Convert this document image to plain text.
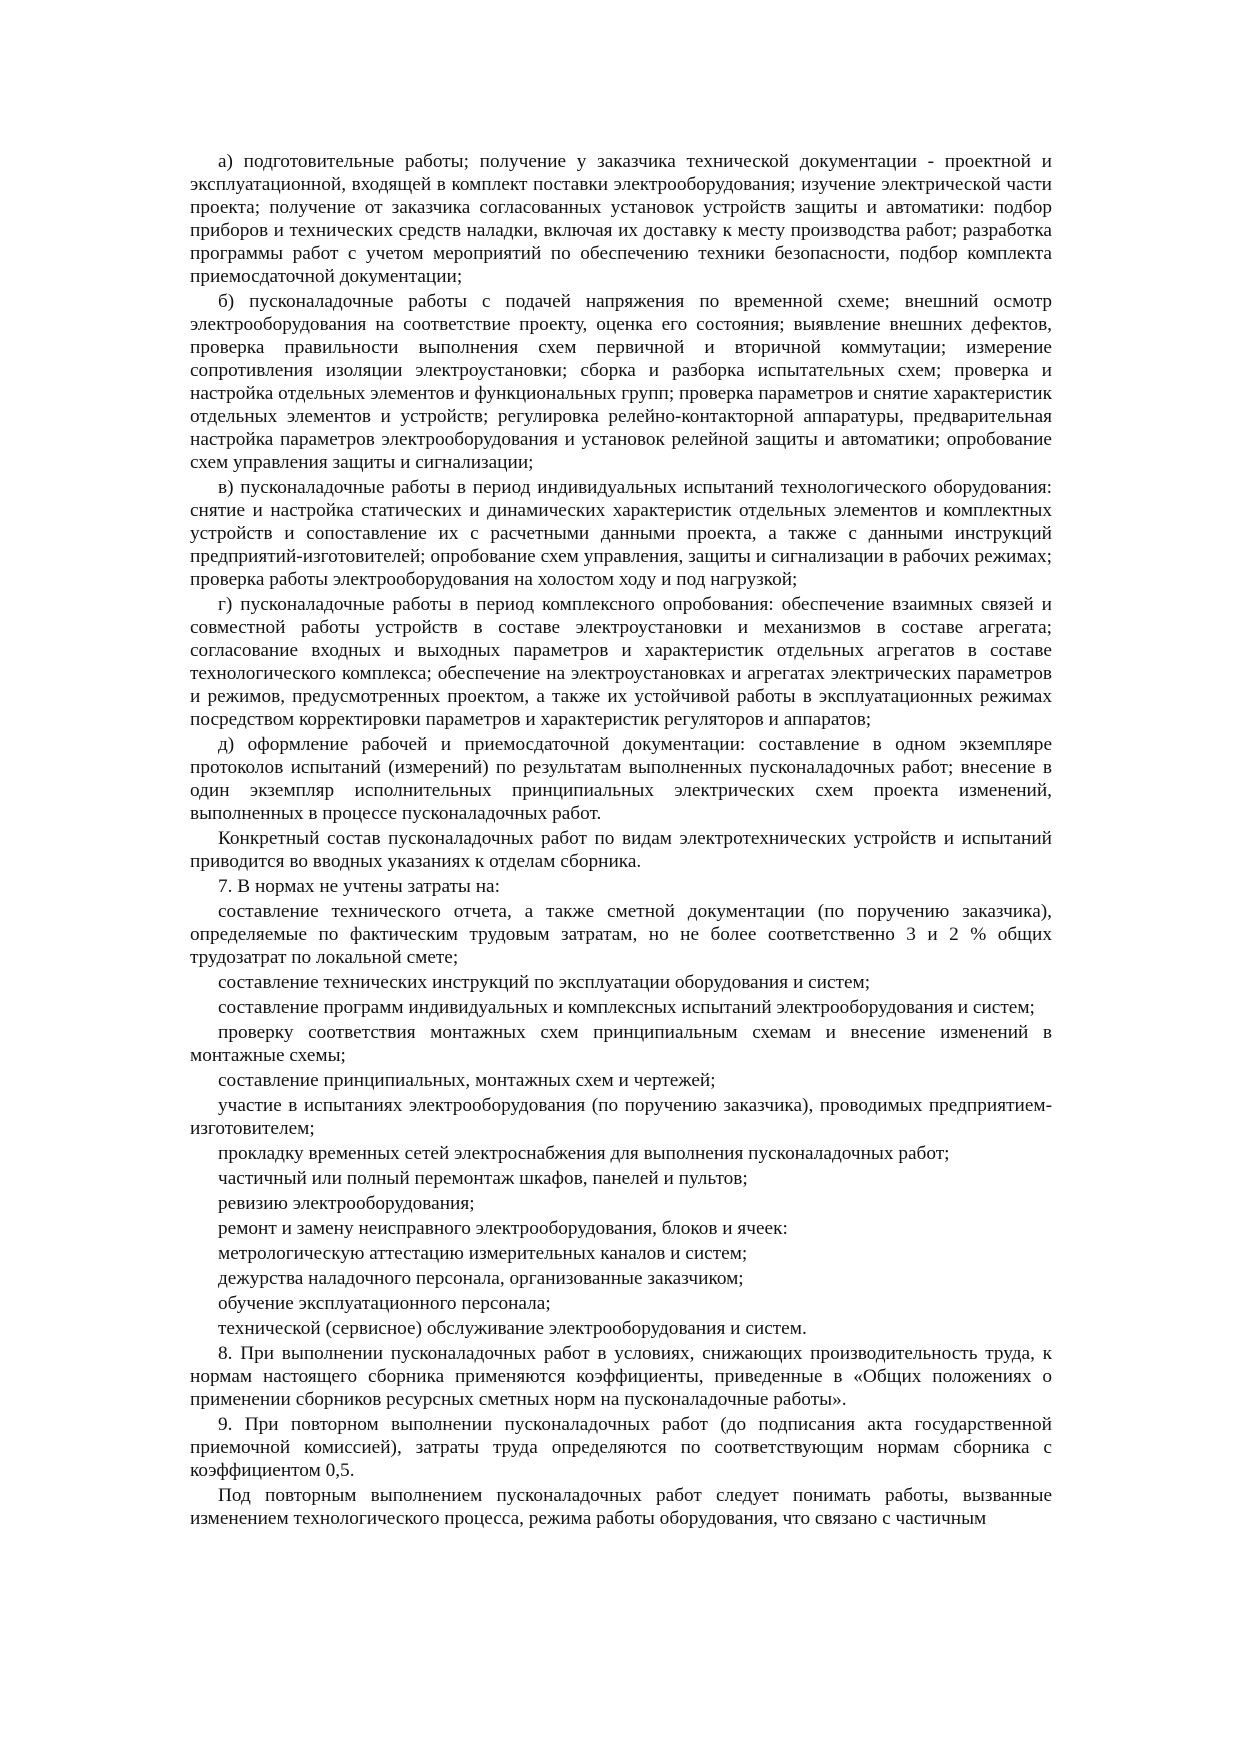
а) подготовительные работы; получение у заказчика технической документации - проектной и эксплуатационной, входящей в комплект поставки электрооборудования; изучение электрической части проекта; получение от заказчика согласованных установок устройств защиты и автоматики: подбор приборов и технических средств наладки, включая их доставку к месту производства работ; разработка программы работ с учетом мероприятий по обеспечению техники безопасности, подбор комплекта приемосдаточной документации;

б) пусконаладочные работы с подачей напряжения по временной схеме; внешний осмотр электрооборудования на соответствие проекту, оценка его состояния; выявление внешних дефектов, проверка правильности выполнения схем первичной и вторичной коммутации; измерение сопротивления изоляции электроустановки; сборка и разборка испытательных схем; проверка и настройка отдельных элементов и функциональных групп; проверка параметров и снятие характеристик отдельных элементов и устройств; регулировка релейно-контакторной аппаратуры, предварительная настройка параметров электрооборудования и установок релейной защиты и автоматики; опробование схем управления защиты и сигнализации;

в) пусконаладочные работы в период индивидуальных испытаний технологического оборудования: снятие и настройка статических и динамических характеристик отдельных элементов и комплектных устройств и сопоставление их с расчетными данными проекта, а также с данными инструкций предприятий-изготовителей; опробование схем управления, защиты и сигнализации в рабочих режимах; проверка работы электрооборудования на холостом ходу и под нагрузкой;

г) пусконаладочные работы в период комплексного опробования: обеспечение взаимных связей и совместной работы устройств в составе электроустановки и механизмов в составе агрегата; согласование входных и выходных параметров и характеристик отдельных агрегатов в составе технологического комплекса; обеспечение на электроустановках и агрегатах электрических параметров и режимов, предусмотренных проектом, а также их устойчивой работы в эксплуатационных режимах посредством корректировки параметров и характеристик регуляторов и аппаратов;

д) оформление рабочей и приемосдаточной документации: составление в одном экземпляре протоколов испытаний (измерений) по результатам выполненных пусконаладочных работ; внесение в один экземпляр исполнительных принципиальных электрических схем проекта изменений, выполненных в процессе пусконаладочных работ.

Конкретный состав пусконаладочных работ по видам электротехнических устройств и испытаний приводится во вводных указаниях к отделам сборника.

7. В нормах не учтены затраты на:

составление технического отчета, а также сметной документации (по поручению заказчика), определяемые по фактическим трудовым затратам, но не более соответственно 3 и 2 % общих трудозатрат по локальной смете;

составление технических инструкций по эксплуатации оборудования и систем;

составление программ индивидуальных и комплексных испытаний электрооборудования и систем;

проверку соответствия монтажных схем принципиальным схемам и внесение изменений в монтажные схемы;

составление принципиальных, монтажных схем и чертежей;

участие в испытаниях электрооборудования (по поручению заказчика), проводимых предприятием-изготовителем;

прокладку временных сетей электроснабжения для выполнения пусконаладочных работ;

частичный или полный перемонтаж шкафов, панелей и пультов;

ревизию электрооборудования;

ремонт и замену неисправного электрооборудования, блоков и ячеек:

метрологическую аттестацию измерительных каналов и систем;

дежурства наладочного персонала, организованные заказчиком;

обучение эксплуатационного персонала;

технической (сервисное) обслуживание электрооборудования и систем.

8. При выполнении пусконаладочных работ в условиях, снижающих производительность труда, к нормам настоящего сборника применяются коэффициенты, приведенные в «Общих положениях о применении сборников ресурсных сметных норм на пусконаладочные работы».

9. При повторном выполнении пусконаладочных работ (до подписания акта государственной приемочной комиссией), затраты труда определяются по соответствующим нормам сборника с коэффициентом 0,5.

Под повторным выполнением пусконаладочных работ следует понимать работы, вызванные изменением технологического процесса, режима работы оборудования, что связано с частичным
